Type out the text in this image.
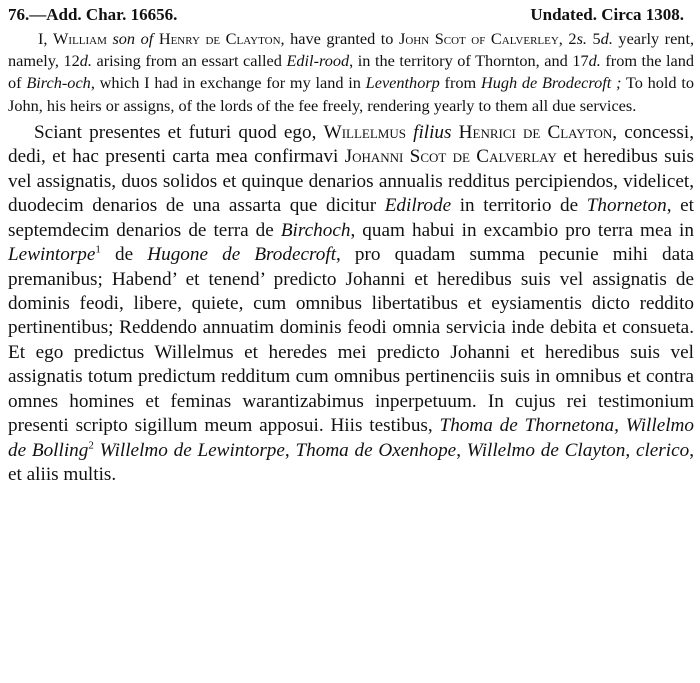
76.—Add. Char. 16656.	Undated. Circa 1308.

I, William son of Henry de Clayton, have granted to John Scot of Calverley, 2s. 5d. yearly rent, namely, 12d. arising from an essart called Edil-rood, in the territory of Thornton, and 17d. from the land of Birch-och, which I had in exchange for my land in Leventhorp from Hugh de Brodecroft ; To hold to John, his heirs or assigns, of the lords of the fee freely, rendering yearly to them all due services.

Sciant presentes et futuri quod ego, Willelmus filius Henrici de Clayton, concessi, dedi, et hac presenti carta mea confirmavi Johanni Scot de Calverlay et heredibus suis vel assignatis, duos solidos et quinque denarios annualis redditus percipiendos, videlicet, duodecim denarios de una assarta que dicitur Edilrode in territorio de Thorneton, et septemdecim denarios de terra de Birchoch, quam habui in excambio pro terra mea in Lewintorpe$^1$ de Hugone de Brodecroft, pro quadam summa pecunie mihi data premanibus; Habend’ et tenend’ predicto Johanni et heredibus suis vel assignatis de dominis feodi, libere, quiete, cum omnibus libertatibus et eysiamentis dicto reddito pertinentibus; Reddendo annuatim dominis feodi omnia servicia inde debita et consueta. Et ego predictus Willelmus et heredes mei predicto Johanni et heredibus suis vel assignatis totum predictum redditum cum omnibus pertinenciis suis in omnibus et contra omnes homines et feminas warantizabimus inperpetuum. In cujus rei testimonium presenti scripto sigillum meum apposui. Hiis testibus, Thoma de Thornetona, Willelmo de Bolling$^2$ Willelmo de Lewintorpe, Thoma de Oxenhope, Willelmo de Clayton, clerico, et aliis multis.
